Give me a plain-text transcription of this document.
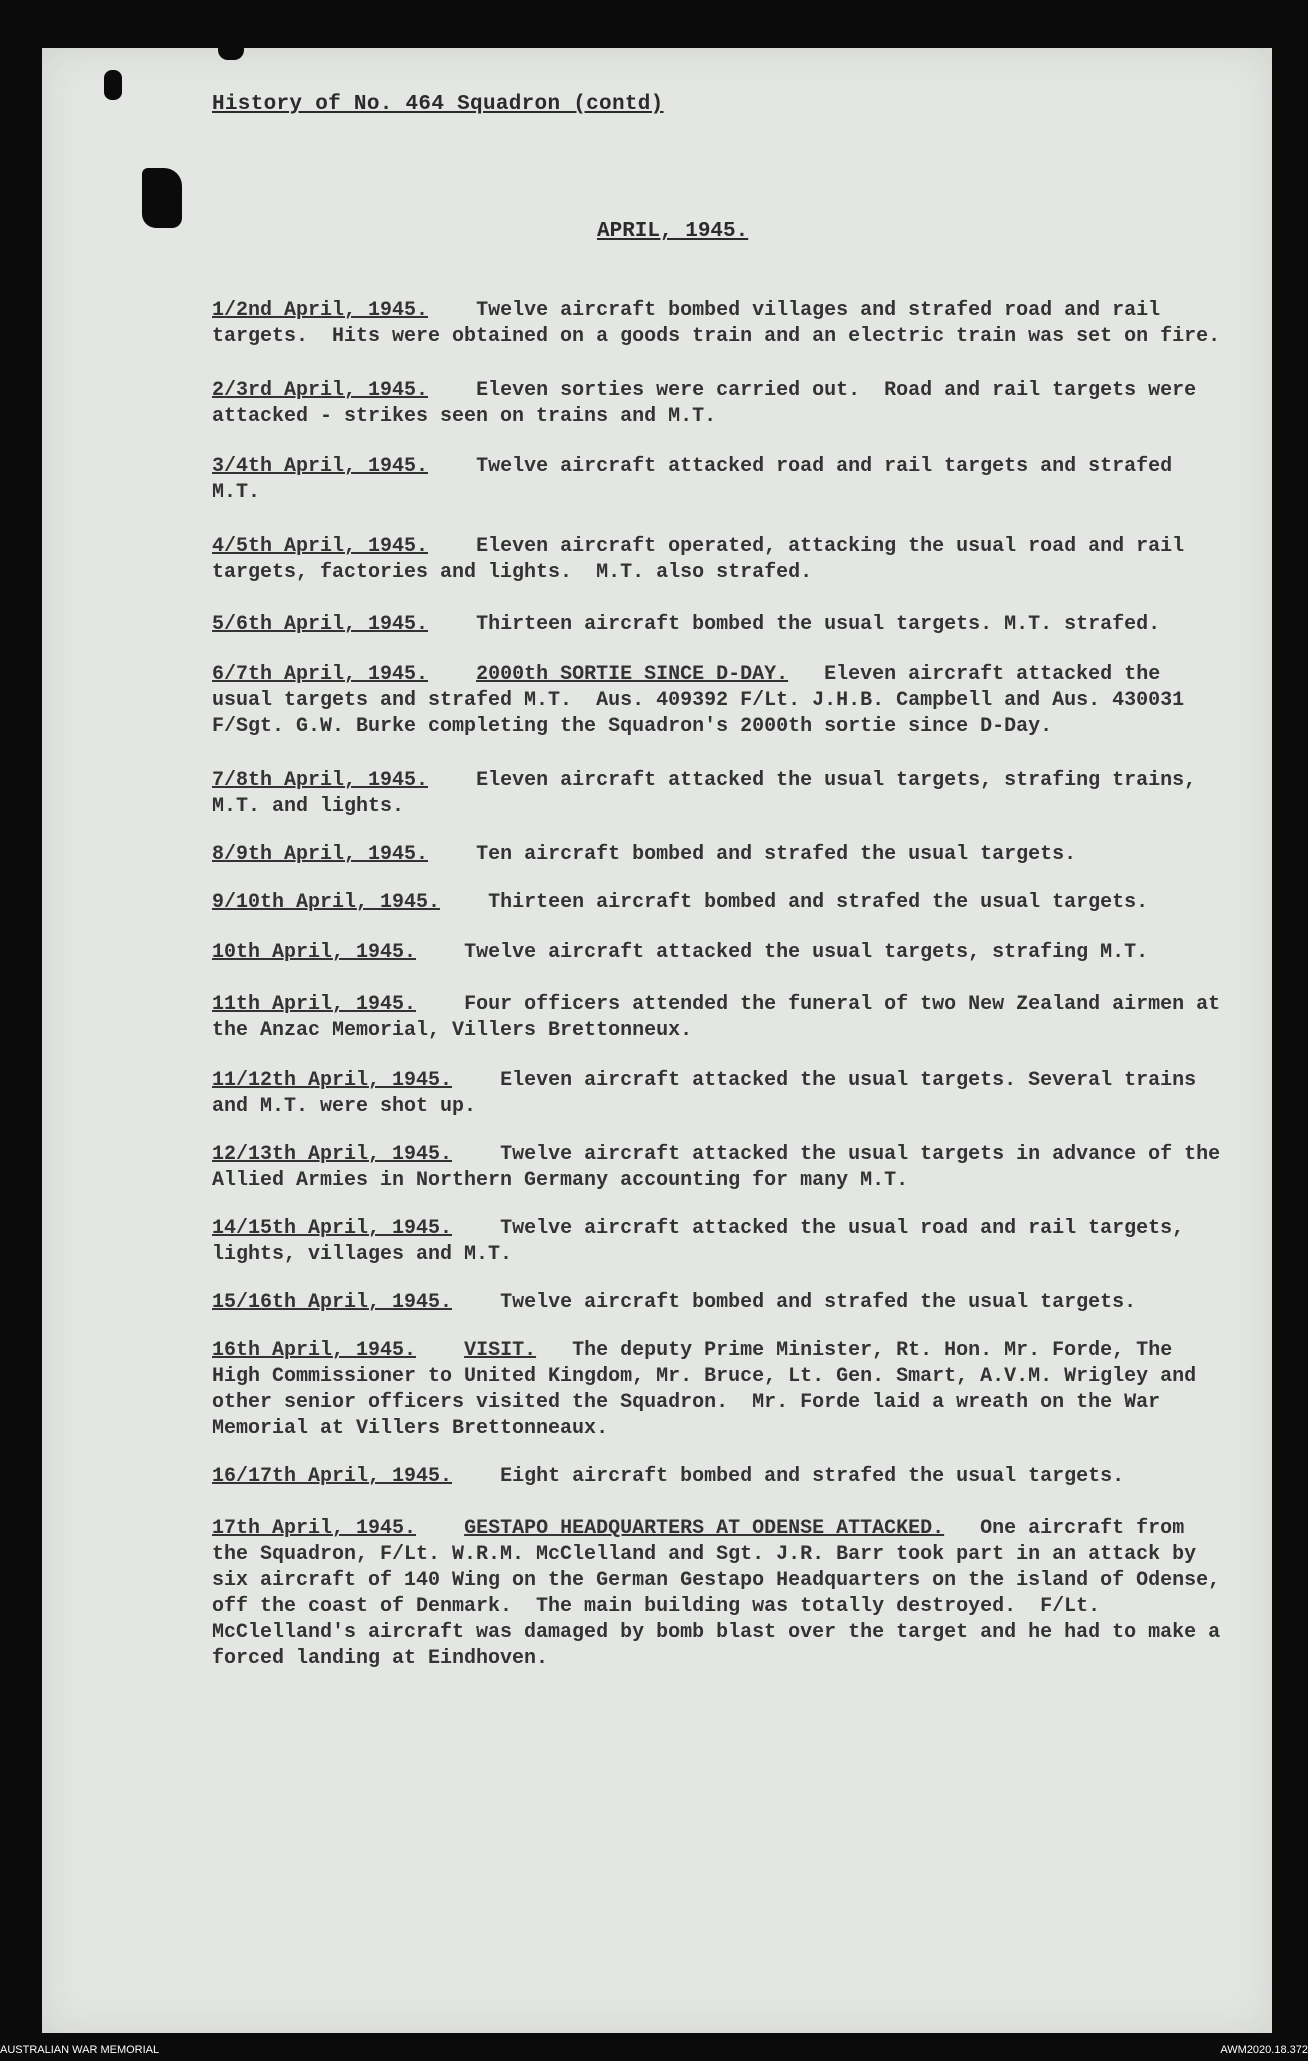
History of No. 464 Squadron (contd)
APRIL, 1945.

1/2nd April, 1945. Twelve aircraft bombed villages and strafed road and rail targets.  Hits were obtained on a goods train and an electric train was set on fire.

2/3rd April, 1945. Eleven sorties were carried out.  Road and rail targets were attacked - strikes seen on trains and M.T.

3/4th April, 1945. Twelve aircraft attacked road and rail targets and strafed M.T.

4/5th April, 1945. Eleven aircraft operated, attacking the usual road and rail targets, factories and lights.  M.T. also strafed.

5/6th April, 1945. Thirteen aircraft bombed the usual targets. M.T. strafed.

6/7th April, 1945. 2000th SORTIE SINCE D-DAY. Eleven aircraft attacked the usual targets and strafed M.T.  Aus. 409392 F/Lt. J.H.B. Campbell and Aus. 430031 F/Sgt. G.W. Burke completing the Squadron's 2000th sortie since D-Day.

7/8th April, 1945. Eleven aircraft attacked the usual targets, strafing trains, M.T. and lights.

8/9th April, 1945. Ten aircraft bombed and strafed the usual targets.

9/10th April, 1945. Thirteen aircraft bombed and strafed the usual targets.

10th April, 1945. Twelve aircraft attacked the usual targets, strafing M.T.

11th April, 1945. Four officers attended the funeral of two New Zealand airmen at the Anzac Memorial, Villers Brettonneux.

11/12th April, 1945. Eleven aircraft attacked the usual targets. Several trains and M.T. were shot up.

12/13th April, 1945. Twelve aircraft attacked the usual targets in advance of the Allied Armies in Northern Germany accounting for many M.T.

14/15th April, 1945. Twelve aircraft attacked the usual road and rail targets, lights, villages and M.T.

15/16th April, 1945. Twelve aircraft bombed and strafed the usual targets.

16th April, 1945. VISIT. The deputy Prime Minister, Rt. Hon. Mr. Forde, The High Commissioner to United Kingdom, Mr. Bruce, Lt. Gen. Smart, A.V.M. Wrigley and other senior officers visited the Squadron.  Mr. Forde laid a wreath on the War Memorial at Villers Brettonneaux.

16/17th April, 1945. Eight aircraft bombed and strafed the usual targets.

17th April, 1945. GESTAPO HEADQUARTERS AT ODENSE ATTACKED. One aircraft from the Squadron, F/Lt. W.R.M. McClelland and Sgt. J.R. Barr took part in an attack by six aircraft of 140 Wing on the German Gestapo Headquarters on the island of Odense, off the coast of Denmark.  The main building was totally destroyed.  F/Lt. McClelland's aircraft was damaged by bomb blast over the target and he had to make a forced landing at Eindhoven.

AUSTRALIAN WAR MEMORIAL	AWM2020.18.372
